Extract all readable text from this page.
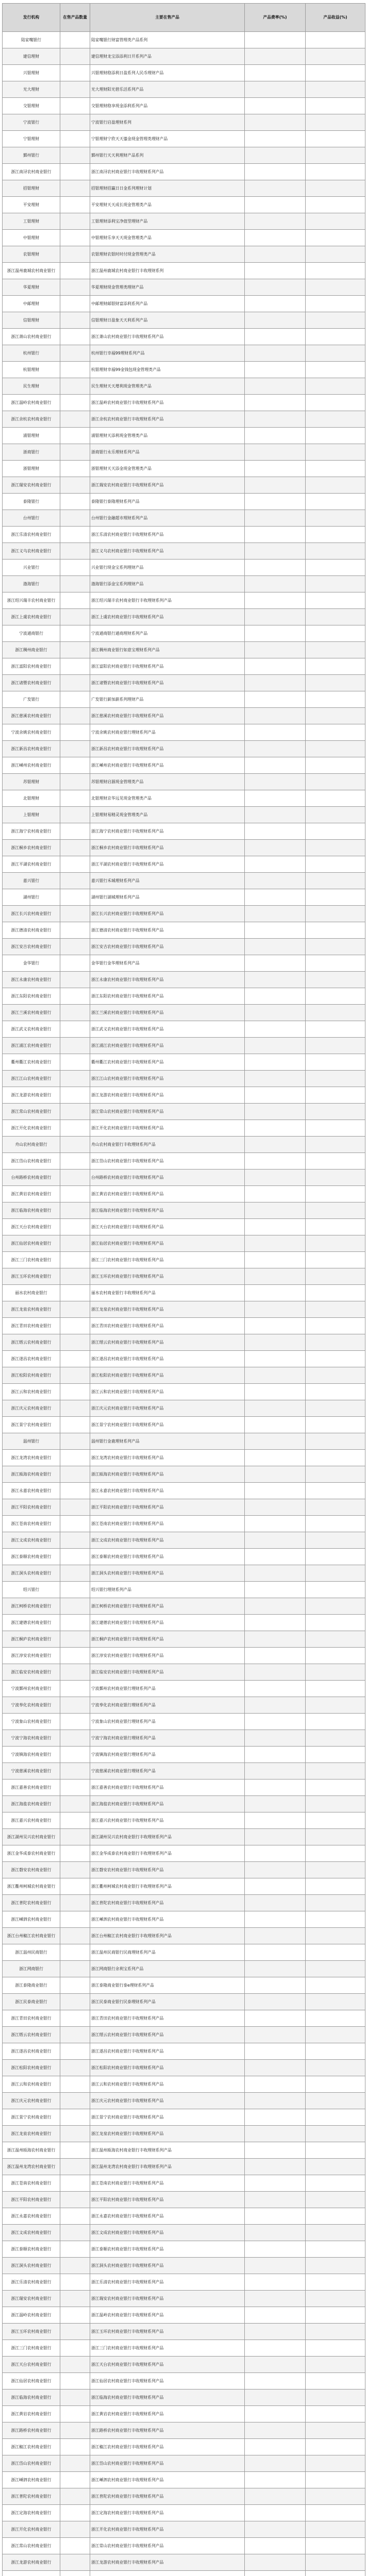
发行机构	在售产品数量	主要在售产品	产品费率(%)	产品收益(%)
陆家嘴银行		陆家嘴银行财富管理类产品系列		
建信理财		建信理财龙宝添添利日开系列产品		
兴银理财		兴银理财稳添利日盈系列人民币理财产品		
光大理财		光大理财阳光碧乐活系列产品		
交银理财		交银理财稳享现金添利系列产品		
宁波银行		宁波银行启盈理财系列		
宁银理财		宁银理财宁欣天天鎏金现金管理类理财产品		
鄞州银行		鄞州银行天天利理财产品系列		
浙江南浔农村商业银行		浙江南浔农村商业银行丰收理财系列产品		
招银理财		招银理财招赢日日金系列理财计划		
平安理财		平安理财天天成长现金管理类产品		
工银理财		工银理财添利宝净值型理财产品		
中银理财		中银理财乐享天天现金管理类产品		
农银理财		农银理财农银时时付现金管理类产品		
浙江温州鹿城农村商业银行		浙江温州鹿城农村商业银行丰收理财系列		
华夏理财		华夏理财现金管理类理财产品		
中邮理财		中邮理财邮银财富添利系列产品		
信银理财		信银理财日盈象天天利系列产品		
浙江萧山农村商业银行		浙江萧山农村商业银行丰收理财系列产品		
杭州银行		杭州银行幸福99理财系列产品		
杭银理财		杭银理财幸福99金钱包现金管理类产品		
民生理财		民生理财天天增利现金管理类产品		
浙江温岭农村商业银行		浙江温岭农村商业银行丰收理财系列产品		
浙江余杭农村商业银行		浙江余杭农村商业银行丰收理财系列产品		
浦银理财		浦银理财天添利现金管理类产品		
浙商银行		浙商银行永乐理财系列产品		
浙银理财		浙银理财天天添金现金管理类产品		
浙江瑞安农村商业银行		浙江瑞安农村商业银行丰收理财系列产品		
泰隆银行		泰隆银行泰隆理财系列产品		
台州银行		台州银行金融超市理财系列产品		
浙江乐清农村商业银行		浙江乐清农村商业银行丰收理财系列产品		
浙江义乌农村商业银行		浙江义乌农村商业银行丰收理财系列产品		
兴业银行		兴业银行现金宝系列理财产品		
渤海银行		渤海银行添金宝系列理财产品		
浙江绍兴瑞丰农村商业银行		浙江绍兴瑞丰农村商业银行丰收理财系列产品		
浙江上虞农村商业银行		浙江上虞农村商业银行丰收理财系列产品		
宁波通商银行		宁波通商银行通商理财系列产品		
浙江稠州商业银行		浙江稠州商业银行如意宝理财系列产品		
浙江富阳农村商业银行		浙江富阳农村商业银行丰收理财系列产品		
浙江诸暨农村商业银行		浙江诸暨农村商业银行丰收理财系列产品		
广发银行		广发银行薪加薪系列理财产品		
浙江慈溪农村商业银行		浙江慈溪农村商业银行丰收理财系列产品		
宁波余姚农村商业银行		宁波余姚农村商业银行理财系列产品		
浙江新昌农村商业银行		浙江新昌农村商业银行丰收理财系列产品		
浙江嵊州农村商业银行		浙江嵊州农村商业银行丰收理财系列产品		
苏银理财		苏银理财启源现金管理类产品		
北银理财		北银理财京华远见现金管理类产品		
上银理财		上银理财易精灵现金管理类产品		
浙江海宁农村商业银行		浙江海宁农村商业银行丰收理财系列产品		
浙江桐乡农村商业银行		浙江桐乡农村商业银行丰收理财系列产品		
浙江平湖农村商业银行		浙江平湖农村商业银行丰收理财系列产品		
嘉兴银行		嘉兴银行禾城理财系列产品		
湖州银行		湖州银行湖城理财系列产品		
浙江长兴农村商业银行		浙江长兴农村商业银行丰收理财系列产品		
浙江德清农村商业银行		浙江德清农村商业银行丰收理财系列产品		
浙江安吉农村商业银行		浙江安吉农村商业银行丰收理财系列产品		
金华银行		金华银行金华理财系列产品		
浙江永康农村商业银行		浙江永康农村商业银行丰收理财系列产品		
浙江东阳农村商业银行		浙江东阳农村商业银行丰收理财系列产品		
浙江兰溪农村商业银行		浙江兰溪农村商业银行丰收理财系列产品		
浙江武义农村商业银行		浙江武义农村商业银行丰收理财系列产品		
浙江浦江农村商业银行		浙江浦江农村商业银行丰收理财系列产品		
衢州衢江农村商业银行		衢州衢江农村商业银行丰收理财系列产品		
浙江江山农村商业银行		浙江江山农村商业银行丰收理财系列产品		
浙江龙游农村商业银行		浙江龙游农村商业银行丰收理财系列产品		
浙江常山农村商业银行		浙江常山农村商业银行丰收理财系列产品		
浙江开化农村商业银行		浙江开化农村商业银行丰收理财系列产品		
舟山农村商业银行		舟山农村商业银行丰收理财系列产品		
浙江岱山农村商业银行		浙江岱山农村商业银行丰收理财系列产品		
台州路桥农村商业银行		台州路桥农村商业银行丰收理财系列产品		
浙江黄岩农村商业银行		浙江黄岩农村商业银行丰收理财系列产品		
浙江临海农村商业银行		浙江临海农村商业银行丰收理财系列产品		
浙江天台农村商业银行		浙江天台农村商业银行丰收理财系列产品		
浙江仙居农村商业银行		浙江仙居农村商业银行丰收理财系列产品		
浙江三门农村商业银行		浙江三门农村商业银行丰收理财系列产品		
浙江玉环农村商业银行		浙江玉环农村商业银行丰收理财系列产品		
丽水农村商业银行		丽水农村商业银行丰收理财系列产品		
浙江龙泉农村商业银行		浙江龙泉农村商业银行丰收理财系列产品		
浙江青田农村商业银行		浙江青田农村商业银行丰收理财系列产品		
浙江缙云农村商业银行		浙江缙云农村商业银行丰收理财系列产品		
浙江遂昌农村商业银行		浙江遂昌农村商业银行丰收理财系列产品		
浙江松阳农村商业银行		浙江松阳农村商业银行丰收理财系列产品		
浙江云和农村商业银行		浙江云和农村商业银行丰收理财系列产品		
浙江庆元农村商业银行		浙江庆元农村商业银行丰收理财系列产品		
浙江景宁农村商业银行		浙江景宁农村商业银行丰收理财系列产品		
温州银行		温州银行金鹿理财系列产品		
浙江龙湾农村商业银行		浙江龙湾农村商业银行丰收理财系列产品		
浙江瓯海农村商业银行		浙江瓯海农村商业银行丰收理财系列产品		
浙江永嘉农村商业银行		浙江永嘉农村商业银行丰收理财系列产品		
浙江平阳农村商业银行		浙江平阳农村商业银行丰收理财系列产品		
浙江苍南农村商业银行		浙江苍南农村商业银行丰收理财系列产品		
浙江文成农村商业银行		浙江文成农村商业银行丰收理财系列产品		
浙江泰顺农村商业银行		浙江泰顺农村商业银行丰收理财系列产品		
浙江洞头农村商业银行		浙江洞头农村商业银行丰收理财系列产品		
绍兴银行		绍兴银行理财系列产品		
浙江柯桥农村商业银行		浙江柯桥农村商业银行丰收理财系列产品		
浙江建德农村商业银行		浙江建德农村商业银行丰收理财系列产品		
浙江桐庐农村商业银行		浙江桐庐农村商业银行丰收理财系列产品		
浙江淳安农村商业银行		浙江淳安农村商业银行丰收理财系列产品		
浙江临安农村商业银行		浙江临安农村商业银行丰收理财系列产品		
宁波鄞州农村商业银行		宁波鄞州农村商业银行理财系列产品		
宁波奉化农村商业银行		宁波奉化农村商业银行理财系列产品		
宁波象山农村商业银行		宁波象山农村商业银行理财系列产品		
宁波宁海农村商业银行		宁波宁海农村商业银行理财系列产品		
宁波镇海农村商业银行		宁波镇海农村商业银行理财系列产品		
宁波慈溪农村商业银行		宁波慈溪农村商业银行理财系列产品		
浙江嘉善农村商业银行		浙江嘉善农村商业银行丰收理财系列产品		
浙江海盐农村商业银行		浙江海盐农村商业银行丰收理财系列产品		
浙江嘉兴农村商业银行		浙江嘉兴农村商业银行丰收理财系列产品		
浙江湖州吴兴农村商业银行		浙江湖州吴兴农村商业银行丰收理财系列产品		
浙江金华成泰农村商业银行		浙江金华成泰农村商业银行丰收理财系列产品		
浙江磐安农村商业银行		浙江磐安农村商业银行丰收理财系列产品		
浙江衢州柯城农村商业银行		浙江衢州柯城农村商业银行丰收理财系列产品		
浙江普陀农村商业银行		浙江普陀农村商业银行丰收理财系列产品		
浙江嵊泗农村商业银行		浙江嵊泗农村商业银行丰收理财系列产品		
浙江台州椒江农村商业银行		浙江台州椒江农村商业银行丰收理财系列产品		
浙江温州民商银行		浙江温州民商银行民商理财系列产品		
浙江网商银行		浙江网商银行余利宝系列产品		
浙江泰隆商业银行		浙江泰隆商业银行泰e理财系列产品		
浙江民泰商业银行		浙江民泰商业银行民泰理财系列产品		
浙江青田农村商业银行		浙江青田农村商业银行丰收理财系列产品		
浙江缙云农村商业银行		浙江缙云农村商业银行丰收理财系列产品		
浙江遂昌农村商业银行		浙江遂昌农村商业银行丰收理财系列产品		
浙江松阳农村商业银行		浙江松阳农村商业银行丰收理财系列产品		
浙江云和农村商业银行		浙江云和农村商业银行丰收理财系列产品		
浙江庆元农村商业银行		浙江庆元农村商业银行丰收理财系列产品		
浙江景宁农村商业银行		浙江景宁农村商业银行丰收理财系列产品		
浙江龙泉农村商业银行		浙江龙泉农村商业银行丰收理财系列产品		
浙江温州瓯海农村商业银行		浙江温州瓯海农村商业银行丰收理财系列产品		
浙江温州龙湾农村商业银行		浙江温州龙湾农村商业银行丰收理财系列产品		
浙江苍南农村商业银行		浙江苍南农村商业银行丰收理财系列产品		
浙江平阳农村商业银行		浙江平阳农村商业银行丰收理财系列产品		
浙江永嘉农村商业银行		浙江永嘉农村商业银行丰收理财系列产品		
浙江文成农村商业银行		浙江文成农村商业银行丰收理财系列产品		
浙江泰顺农村商业银行		浙江泰顺农村商业银行丰收理财系列产品		
浙江洞头农村商业银行		浙江洞头农村商业银行丰收理财系列产品		
浙江乐清农村商业银行		浙江乐清农村商业银行丰收理财系列产品		
浙江瑞安农村商业银行		浙江瑞安农村商业银行丰收理财系列产品		
浙江温岭农村商业银行		浙江温岭农村商业银行丰收理财系列产品		
浙江玉环农村商业银行		浙江玉环农村商业银行丰收理财系列产品		
浙江三门农村商业银行		浙江三门农村商业银行丰收理财系列产品		
浙江天台农村商业银行		浙江天台农村商业银行丰收理财系列产品		
浙江仙居农村商业银行		浙江仙居农村商业银行丰收理财系列产品		
浙江临海农村商业银行		浙江临海农村商业银行丰收理财系列产品		
浙江黄岩农村商业银行		浙江黄岩农村商业银行丰收理财系列产品		
浙江路桥农村商业银行		浙江路桥农村商业银行丰收理财系列产品		
浙江椒江农村商业银行		浙江椒江农村商业银行丰收理财系列产品		
浙江岱山农村商业银行		浙江岱山农村商业银行丰收理财系列产品		
浙江嵊泗农村商业银行		浙江嵊泗农村商业银行丰收理财系列产品		
浙江普陀农村商业银行		浙江普陀农村商业银行丰收理财系列产品		
浙江定海农村商业银行		浙江定海农村商业银行丰收理财系列产品		
浙江开化农村商业银行		浙江开化农村商业银行丰收理财系列产品		
浙江常山农村商业银行		浙江常山农村商业银行丰收理财系列产品		
浙江龙游农村商业银行		浙江龙游农村商业银行丰收理财系列产品		
